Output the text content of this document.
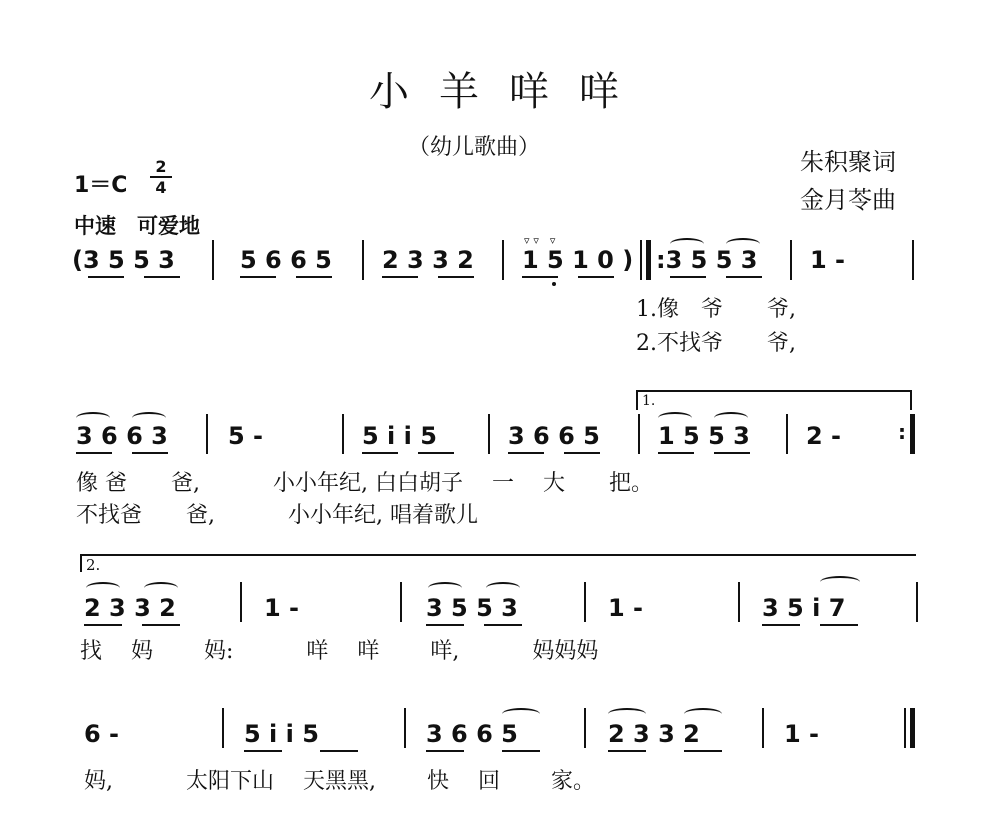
小羊咩咩
（幼儿歌曲）
朱积聚词
金月苓曲
1＝C
2
4
中速　可爱地
(3 5 5 3	5 6 6 5 2 3 3 2 1 5 1 0 )
▿ ▿　▿
:3 5 5 3 1 -
1.像　爷　　爷,
2.不找爷　　爷,
1.
3 6 6 3	5 -	5 i i 5	3 6 6 5 1 5 5 3 2 -	:
像 爸　　爸,　　　 小小年纪, 白白胡子　 一　 大　　把。
不找爸　　爸,　　　 小小年纪, 唱着歌儿
2.
2 3 3 2	1 -	3 5 5 3	1 -	3 5 i 7
找　 妈　　 妈:　　　 咩　 咩　　 咩,　　　 妈妈妈
6 -	5 i i 5	3 6 6 5	2 3 3 2	1 -
妈,　　　 太阳下山　 天黑黑,　　 快　 回　　 家。
